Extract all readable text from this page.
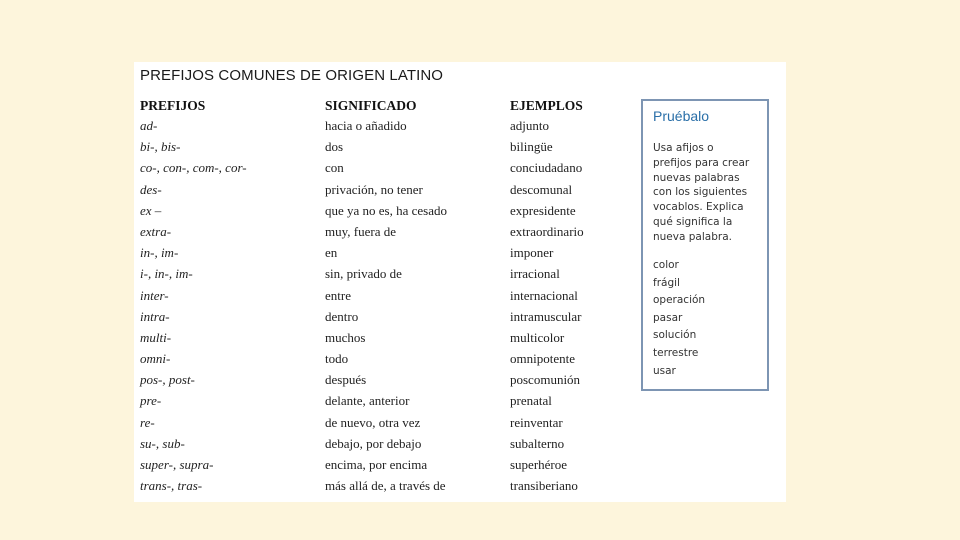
PREFIJOS COMUNES DE ORIGEN LATINO
PREFIJOS	SIGNIFICADO	EJEMPLOS
ad-	hacia o añadido	adjunto
bi-, bis-	dos	bilingüe
co-, con-, com-, cor-	con	conciudadano
des-	privación, no tener	descomunal
ex –	que ya no es, ha cesado	expresidente
extra-	muy, fuera de	extraordinario
in-, im-	en	imponer
i-, in-, im-	sin, privado de	irracional
inter-	entre	internacional
intra-	dentro	intramuscular
multi-	muchos	multicolor
omni-	todo	omnipotente
pos-, post-	después	poscomunión
pre-	delante, anterior	prenatal
re-	de nuevo, otra vez	reinventar
su-, sub-	debajo, por debajo	subalterno
super-, supra-	encima, por encima	superhéroe
trans-, tras-	más allá de, a través de	transiberiano
Pruébalo
Usa afijos o
prefijos para crear
nuevas palabras
con los siguientes
vocablos. Explica
qué significa la
nueva palabra.
color
frágil
operación
pasar
solución
terrestre
usar
